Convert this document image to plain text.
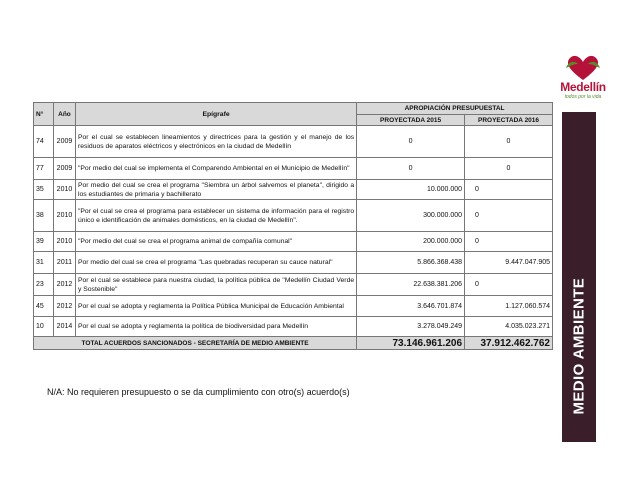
Medellín
todos por la vida
MEDIO AMBIENTE
N°	Año	Epígrafe	APROPIACIÓN PRESUPUESTAL	
			PROYECTADA 2015	PROYECTADA 2016
74	2009	Por el cual se establecen lineamientos y directrices para la gestión y el manejo de los residuos de aparatos eléctricos y electrónicos en la ciudad de Medellín	0	0
77	2009	"Por medio del cual se implementa el Comparendo Ambiental en el Municipio de Medellín"	0	0
35	2010	Por medio del cual se crea el programa "Siembra un árbol salvemos el planeta", dirigido a los estudiantes de primaria y bachillerato	10.000.000	0
38	2010	"Por el cual se crea el programa para establecer un sistema de información para el registro único e identificación de animales domésticos, en la ciudad de Medellín".	300.000.000	0
39	2010	"Por medio del cual se crea el programa animal de compañía comunal"	200.000.000	0
31	2011	Por medio del cual se crea el programa "Las quebradas recuperan su cauce natural"	5.866.368.438	9.447.047.905
23	2012	Por el cual se establece para nuestra ciudad, la política pública de "Medellín Ciudad Verde y Sostenible"	22.638.381.206	0
45	2012	Por el cual se adopta y reglamenta la Política Pública Municipal de Educación Ambiental	3.646.701.874	1.127.060.574
10	2014	Por el cual se adopta y reglamenta la política de biodiversidad para Medellín	3.278.049.249	4.035.023.271
TOTAL ACUERDOS SANCIONADOS - SECRETARÍA DE MEDIO AMBIENTE			73.146.961.206	37.912.462.762
N/A: No requieren presupuesto o se da cumplimiento con otro(s) acuerdo(s)
